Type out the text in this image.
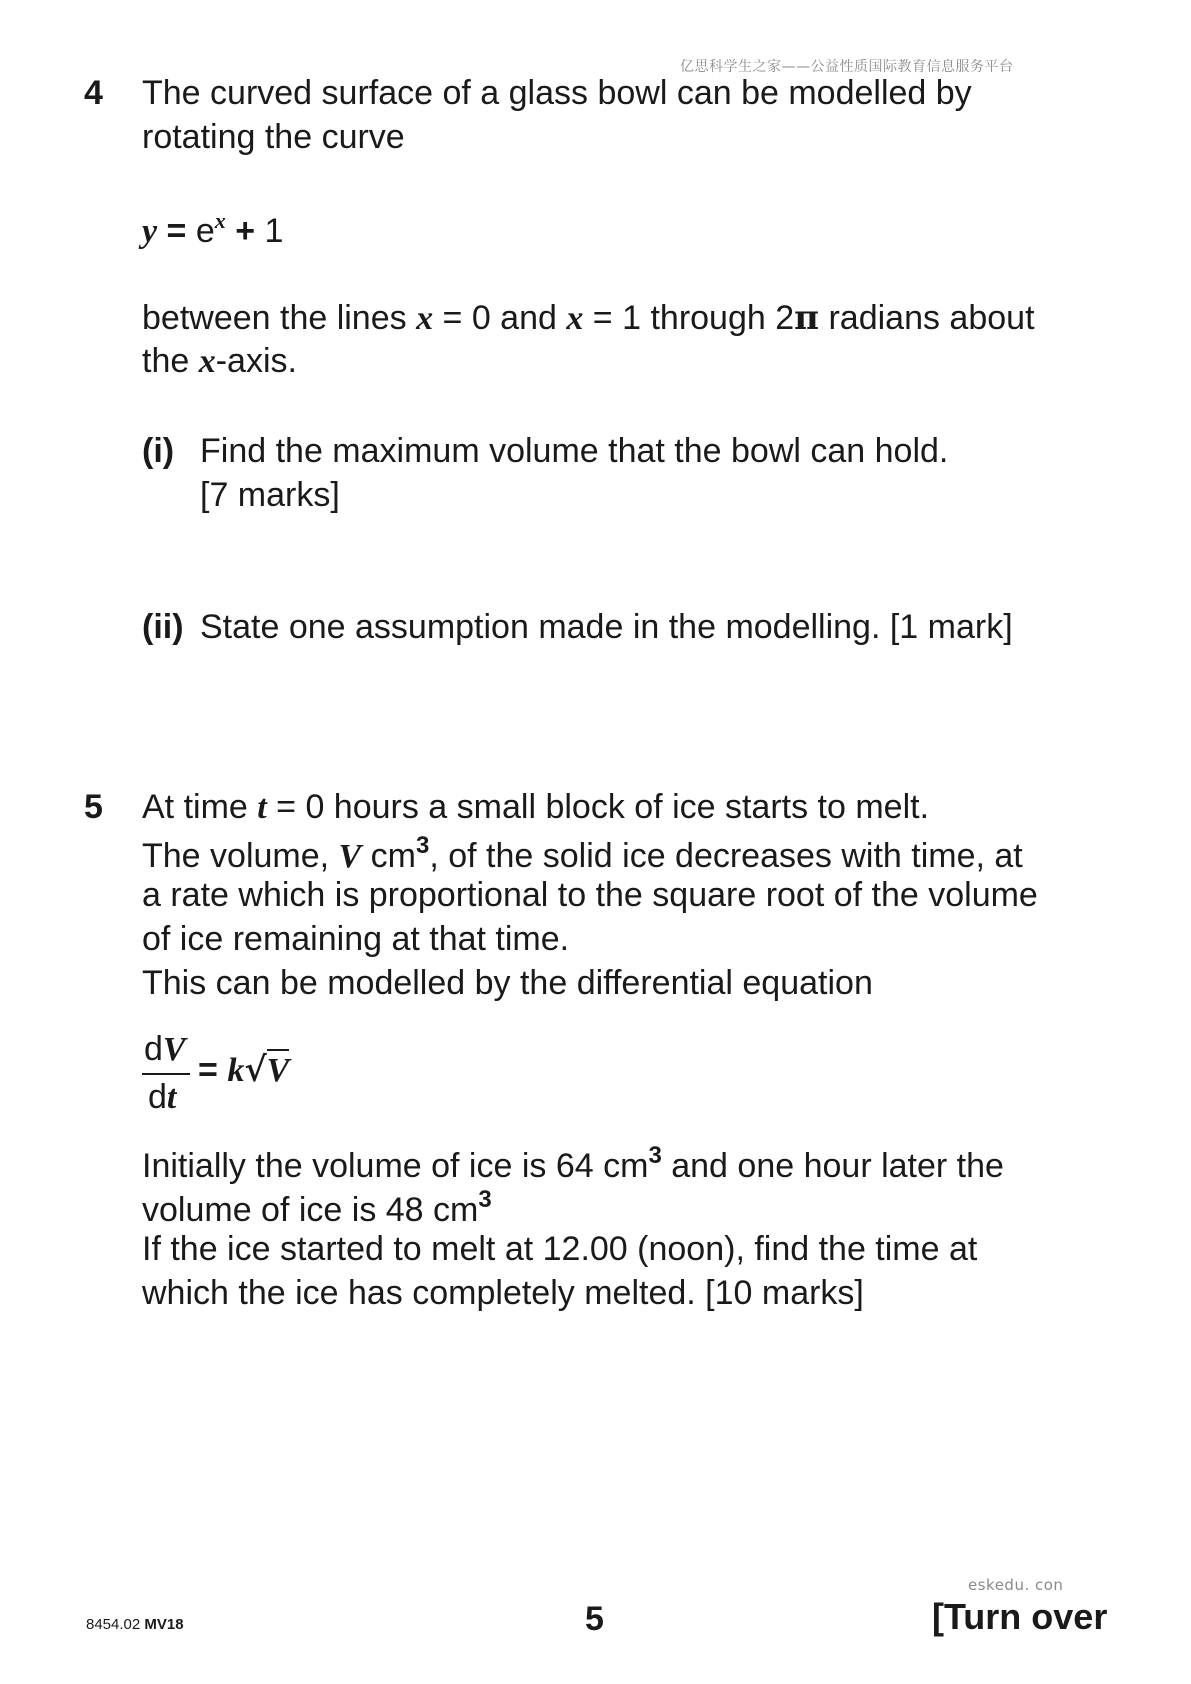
亿思科学生之家——公益性质国际教育信息服务平台
4 The curved surface of a glass bowl can be modelled by
rotating the curve
$y = e^x + 1$
between the lines x = 0 and x = 1 through 2π radians about
the x-axis.
(i) Find the maximum volume that the bowl can hold.
[7 marks]
(ii) State one assumption made in the modelling. [1 mark]
5 At time t = 0 hours a small block of ice starts to melt.
The volume, V $cm^3$, of the solid ice decreases with time, at
a rate which is proportional to the square root of the volume
of ice remaining at that time.
This can be modelled by the differential equation
dV
dt
= k√V
Initially the volume of ice is 64 $cm^3$ and one hour later the
volume of ice is 48 $cm^3$
If the ice started to melt at 12.00 (noon), find the time at
which the ice has completely melted. [10 marks]
8454.02 MV18	5
eskedu. con
[Turn over
